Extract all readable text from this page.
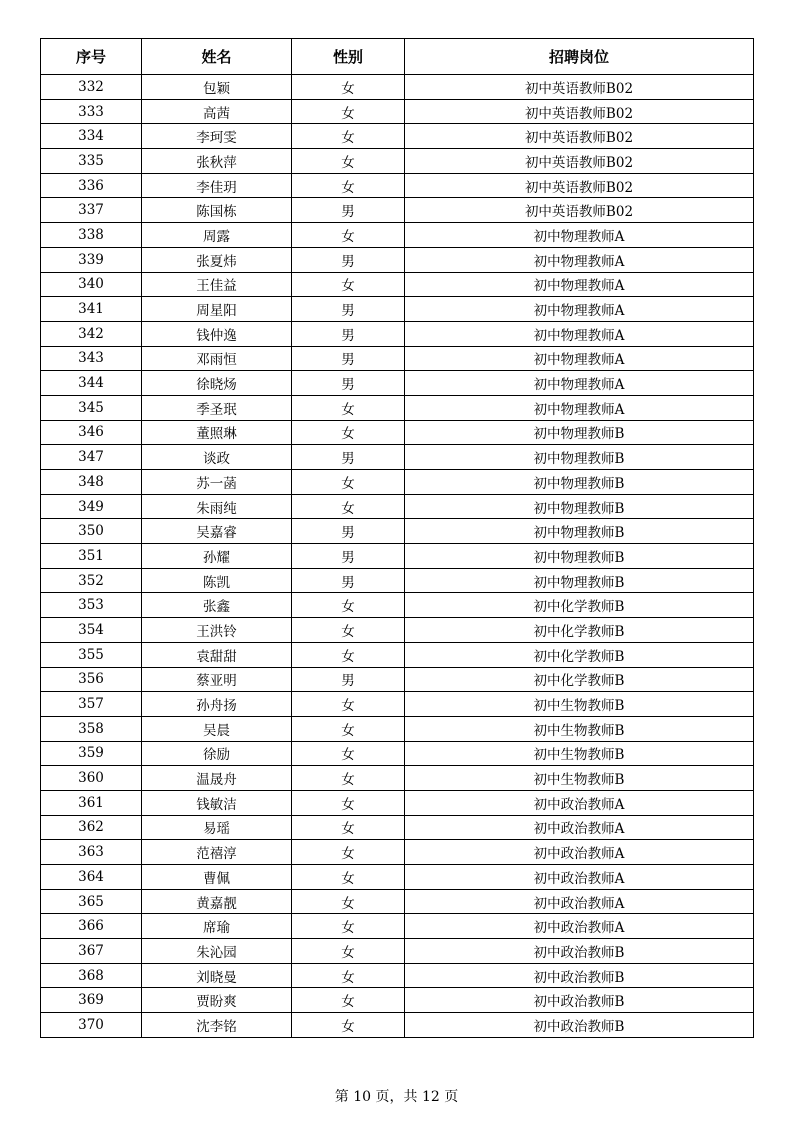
序号	姓名	性别	招聘岗位
332	包颖	女	初中英语教师B02
333	高茜	女	初中英语教师B02
334	李珂雯	女	初中英语教师B02
335	张秋萍	女	初中英语教师B02
336	李佳玥	女	初中英语教师B02
337	陈国栋	男	初中英语教师B02
338	周露	女	初中物理教师A
339	张夏炜	男	初中物理教师A
340	王佳益	女	初中物理教师A
341	周星阳	男	初中物理教师A
342	钱仲逸	男	初中物理教师A
343	邓雨恒	男	初中物理教师A
344	徐晓炀	男	初中物理教师A
345	季圣珉	女	初中物理教师A
346	董照琳	女	初中物理教师B
347	谈政	男	初中物理教师B
348	苏一菡	女	初中物理教师B
349	朱雨纯	女	初中物理教师B
350	吴嘉睿	男	初中物理教师B
351	孙耀	男	初中物理教师B
352	陈凯	男	初中物理教师B
353	张鑫	女	初中化学教师B
354	王洪铃	女	初中化学教师B
355	袁甜甜	女	初中化学教师B
356	蔡亚明	男	初中化学教师B
357	孙舟扬	女	初中生物教师B
358	吴晨	女	初中生物教师B
359	徐励	女	初中生物教师B
360	温晟舟	女	初中生物教师B
361	钱敏洁	女	初中政治教师A
362	易瑶	女	初中政治教师A
363	范禧淳	女	初中政治教师A
364	曹佩	女	初中政治教师A
365	黄嘉靓	女	初中政治教师A
366	席瑜	女	初中政治教师A
367	朱沁园	女	初中政治教师B
368	刘晓曼	女	初中政治教师B
369	贾盼爽	女	初中政治教师B
370	沈李铭	女	初中政治教师B
第 10 页，共 12 页
